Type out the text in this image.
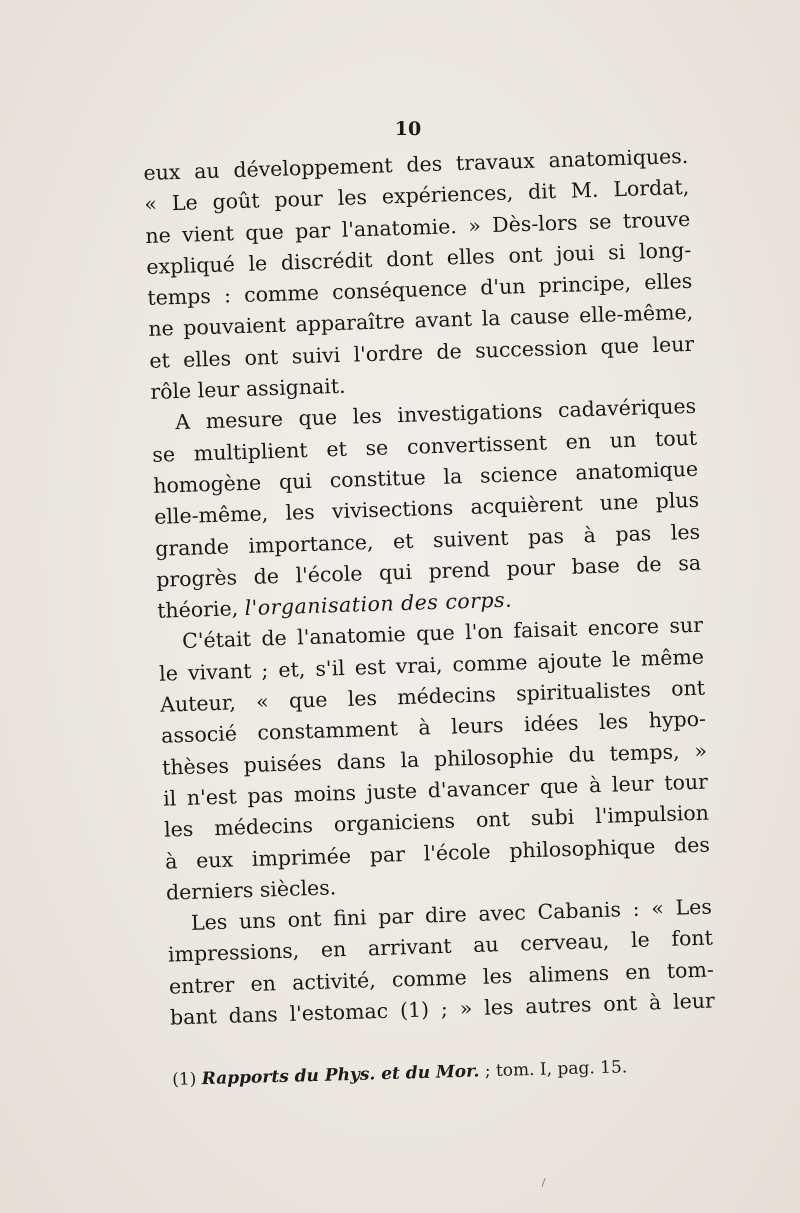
10
eux au développement des travaux anatomiques.
« Le goût pour les expériences, dit M. Lordat,
ne vient que par l'anatomie. » Dès-lors se trouve
expliqué le discrédit dont elles ont joui si long-
temps : comme conséquence d'un principe, elles
ne pouvaient apparaître avant la cause elle-même,
et elles ont suivi l'ordre de succession que leur
rôle leur assignait.
A mesure que les investigations cadavériques
se multiplient et se convertissent en un tout
homogène qui constitue la science anatomique
elle-même, les vivisections acquièrent une plus
grande importance, et suivent pas à pas les
progrès de l'école qui prend pour base de sa
théorie, l'organisation des corps.
C'était de l'anatomie que l'on faisait encore sur
le vivant ; et, s'il est vrai, comme ajoute le même
Auteur, « que les médecins spiritualistes ont
associé constamment à leurs idées les hypo-
thèses puisées dans la philosophie du temps, »
il n'est pas moins juste d'avancer que à leur tour
les médecins organiciens ont subi l'impulsion
à eux imprimée par l'école philosophique des
derniers siècles.
Les uns ont fini par dire avec Cabanis : « Les
impressions, en arrivant au cerveau, le font
entrer en activité, comme les alimens en tom-
bant dans l'estomac (1) ; » les autres ont à leur
(1) Rapports du Phys. et du Mor. ; tom. I, pag. 15.
